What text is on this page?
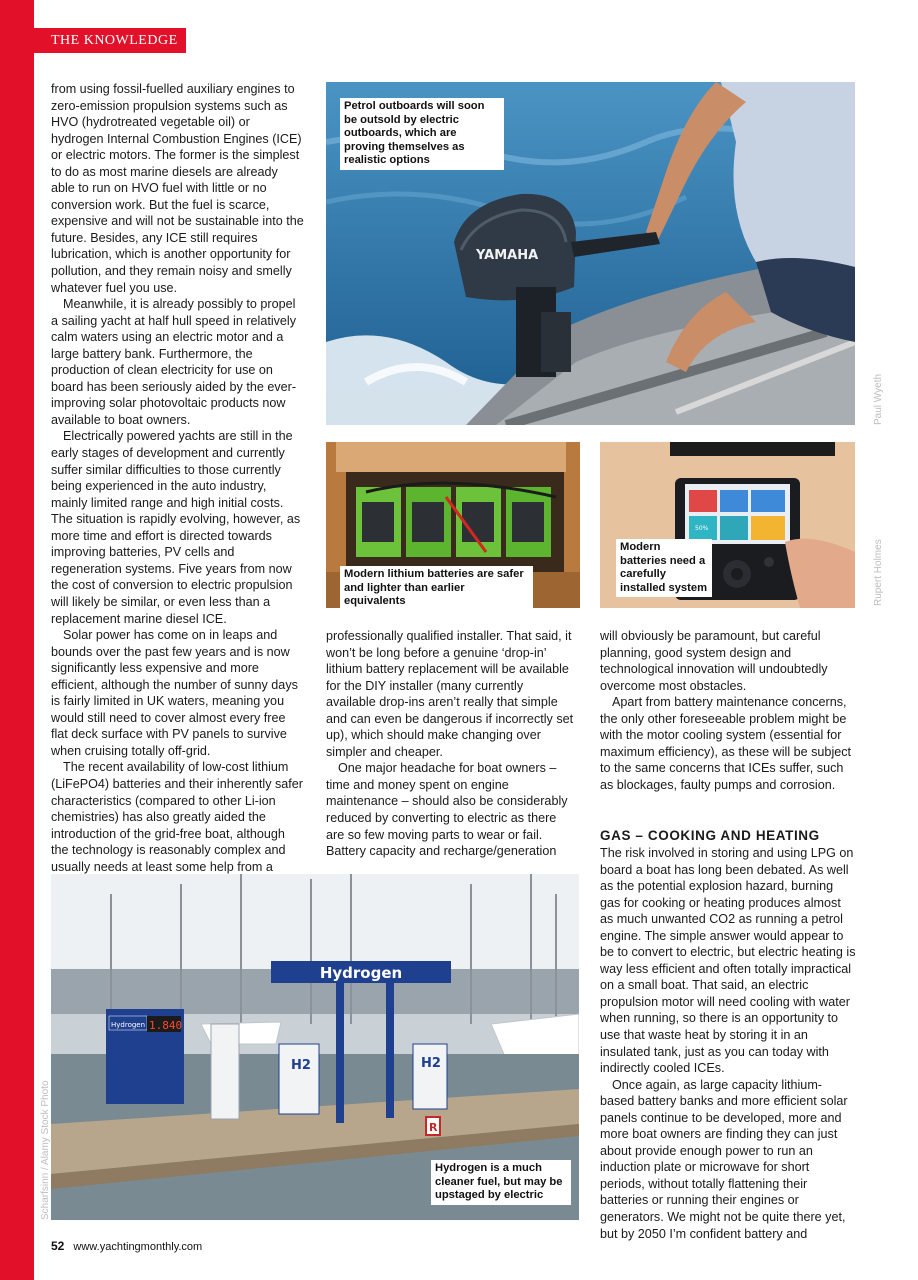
THE KNOWLEDGE

from using fossil-fuelled auxiliary engines to zero-emission propulsion systems such as HVO (hydrotreated vegetable oil) or hydrogen Internal Combustion Engines (ICE) or electric motors. The former is the simplest to do as most marine diesels are already able to run on HVO fuel with little or no conversion work. But the fuel is scarce, expensive and will not be sustainable into the future. Besides, any ICE still requires lubrication, which is another opportunity for pollution, and they remain noisy and smelly whatever fuel you use.

Meanwhile, it is already possibly to propel a sailing yacht at half hull speed in relatively calm waters using an electric motor and a large battery bank. Furthermore, the production of clean electricity for use on board has been seriously aided by the ever-improving solar photovoltaic products now available to boat owners.

Electrically powered yachts are still in the early stages of development and currently suffer similar difficulties to those currently being experienced in the auto industry, mainly limited range and high initial costs. The situation is rapidly evolving, however, as more time and effort is directed towards improving batteries, PV cells and regeneration systems. Five years from now the cost of conversion to electric propulsion will likely be similar, or even less than a replacement marine diesel ICE.

Solar power has come on in leaps and bounds over the past few years and is now significantly less expensive and more efficient, although the number of sunny days is fairly limited in UK waters, meaning you would still need to cover almost every free flat deck surface with PV panels to survive when cruising totally off-grid.

The recent availability of low-cost lithium (LiFePO4) batteries and their inherently safer characteristics (compared to other Li-ion chemistries) has also greatly aided the introduction of the grid-free boat, although the technology is reasonably complex and usually needs at least some help from a

YAMAHA
Petrol outboards will soon be outsold by electric outboards, which are proving themselves as realistic options
Paul Wyeth
Modern lithium batteries are safer and lighter than earlier equivalents
50%
Modern batteries need a carefully installed system	Rupert Holmes

professionally qualified installer. That said, it won’t be long before a genuine ‘drop-in’ lithium battery replacement will be available for the DIY installer (many currently available drop-ins aren’t really that simple and can even be dangerous if incorrectly set up), which should make changing over simpler and cheaper.

One major headache for boat owners – time and money spent on engine maintenance – should also be considerably reduced by converting to electric as there are so few moving parts to wear or fail. Battery capacity and recharge/generation

will obviously be paramount, but careful planning, good system design and technological innovation will undoubtedly overcome most obstacles.

Apart from battery maintenance concerns, the only other foreseeable problem might be with the motor cooling system (essential for maximum efficiency), as these will be subject to the same concerns that ICEs suffer, such as blockages, faulty pumps and corrosion.

GAS – COOKING AND HEATING

The risk involved in storing and using LPG on board a boat has long been debated. As well as the potential explosion hazard, burning gas for cooking or heating produces almost as much unwanted CO2 as running a petrol engine. The simple answer would appear to be to convert to electric, but electric heating is way less efficient and often totally impractical on a small boat. That said, an electric propulsion motor will need cooling with water when running, so there is an opportunity to use that waste heat by storing it in an insulated tank, just as you can today with indirectly cooled ICEs.

Once again, as large capacity lithium-based battery banks and more efficient solar panels continue to be developed, more and more boat owners are finding they can just about provide enough power to run an induction plate or microwave for short periods, without totally flattening their batteries or running their engines or generators. We might not be quite there yet, but by 2050 I’m confident battery and

Hydrogen
Hydrogen 1.840
H2	H2
R
Hydrogen is a much cleaner fuel, but may be upstaged by electric
Scharfsinn / Alamy Stock Photo
52 www.yachtingmonthly.com
